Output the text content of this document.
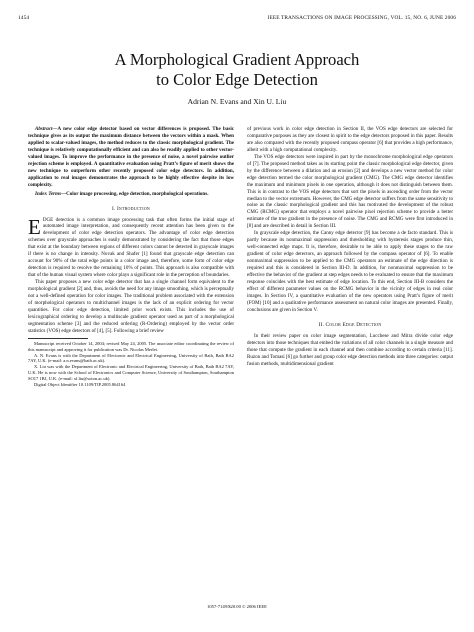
1454	IEEE TRANSACTIONS ON IMAGE PROCESSING, VOL. 15, NO. 6, JUNE 2006
A Morphological Gradient Approach
to Color Edge Detection
Adrian N. Evans and Xin U. Liu

Abstract—A new color edge detector based on vector differences is proposed. The basic technique gives as its output the maximum distance between the vectors within a mask. When applied to scalar-valued images, the method reduces to the classic morphological gradient. The technique is relatively computationally efficient and can also be readily applied to other vector-valued images. To improve the performance in the presence of noise, a novel pairwise outlier rejection scheme is employed. A quantitative evaluation using Pratt’s figure of merit shows the new technique to outperform other recently proposed color edge detectors. In addition, application to real images demonstrates the approach to be highly effective despite its low complexity.

Index Terms—Color image processing, edge detection, morphological operations.

I. Introduction

EDGE detection is a common image processing task that often forms the initial stage of automated image interpretation, and consequently recent attention has been given to the development of color edge detection operators. The advantage of color edge detection schemes over grayscale approaches is easily demonstrated by considering the fact that those edges that exist at the boundary between regions of different colors cannot be detected in grayscale images if there is no change in intensity. Novak and Shafer [1] found that grayscale edge detection can account for 90% of the total edge points in a color image and, therefore, some form of color edge detection is required to resolve the remaining 10% of points. This approach is also compatible with that of the human visual system where color plays a significant role in the perception of boundaries.

This paper proposes a new color edge detector that has a single channel form equivalent to the morphological gradient [2] and, thus, avoids the need for any image smoothing, which is perceptually not a well-defined operation for color images. The traditional problem associated with the extension of morphological operators to multichannel images is the lack of an explicit ordering for vector quantities. For color edge detection, limited prior work exists. This includes the use of lexicographical ordering to develop a multiscale gradient operator used as part of a morphological segmentation scheme [3] and the reduced ordering (R-Ordering) employed by the vector order statistics (VOS) edge detectors of [4], [5]. Following a brief review

Manuscript received October 14, 2004; revised May 24, 2005. The associate editor coordinating the review of this manuscript and approving it for publication was Dr. Nicolas Merlet.

A. N. Evans is with the Department of Electronic and Electrical Engineering, University of Bath, Bath BA2 7AY, U.K. (e-mail: a.n.evans@bath.ac.uk).

X. Liu was with the Department of Electronic and Electrical Engineering, University of Bath, Bath BA2 7AY, U.K. He is now with the School of Electronics and Computer Science, University of Southampton, Southampton SO17 1BJ, U.K. (e-mail: xl.liu@soton.ac.uk).

Digital Object Identifier 10.1109/TIP.2005.864164

of previous work in color edge detection in Section II, the VOS edge detectors are selected for comparative purposes as they are closest in spirit to the edge detectors proposed in this paper. Results are also compared with the recently proposed compass operator [6] that provides a high performance, albeit with a high computational complexity.

The VOS edge detectors were inspired in part by the monochrome morphological edge operators of [7]. The proposed method takes as its starting point the classic morphological edge detector, given by the difference between a dilation and an erosion [2] and develops a new vector method for color edge detection termed the color morphological gradient (CMG). The CMG edge detector identifies the maximum and minimum pixels in one operation, although it does not distinguish between them. This is in contrast to the VOS edge detectors that sort the pixels in ascending order from the vector median to the vector extremum. However, the CMG edge detector suffers from the same sensitivity to noise as the classic morphological gradient and this has motivated the development of the robust CMG (RCMG) operator that employs a novel pairwise pixel rejection scheme to provide a better estimate of the true gradient in the presence of noise. The CMG and RCMG were first introduced in [8] and are described in detail in Section III.

In grayscale edge detection, the Canny edge detector [9] has become a de facto standard. This is partly because its nonmaximal suppression and thresholding with hysteresis stages produce thin, well-connected edge maps. It is, therefore, desirable to be able to apply these stages to the raw gradient of color edge detectors, an approach followed by the compass operator of [6]. To enable nonmaximal suppression to be applied to the CMG operators an estimate of the edge direction is required and this is considered in Section III-D. In addition, for nonmaximal suppression to be effective the behavior of the gradient at step edges needs to be evaluated to ensure that the maximum response coincides with the best estimate of edge location. To this end, Section III-B considers the effect of different parameter values on the RCMG behavior in the vicinity of edges in real color images. In Section IV, a quantitative evaluation of the new operators using Pratt’s figure of merit (FOM) [10] and a qualitative performance assessment on natural color images are presented. Finally, conclusions are given in Section V.

II. Color Edge Detection

In their review paper on color image segmentation, Lucchese and Mitra divide color edge detectors into those techniques that embed the variations of all color channels in a single measure and those that compute the gradient in each channel and then combine according to certain criteria [11]. Ruzon and Tomasi [6] go further and group color edge detection methods into three categories: output fusion methods, multidimensional gradient

1057-7149/$20.00 © 2006 IEEE
